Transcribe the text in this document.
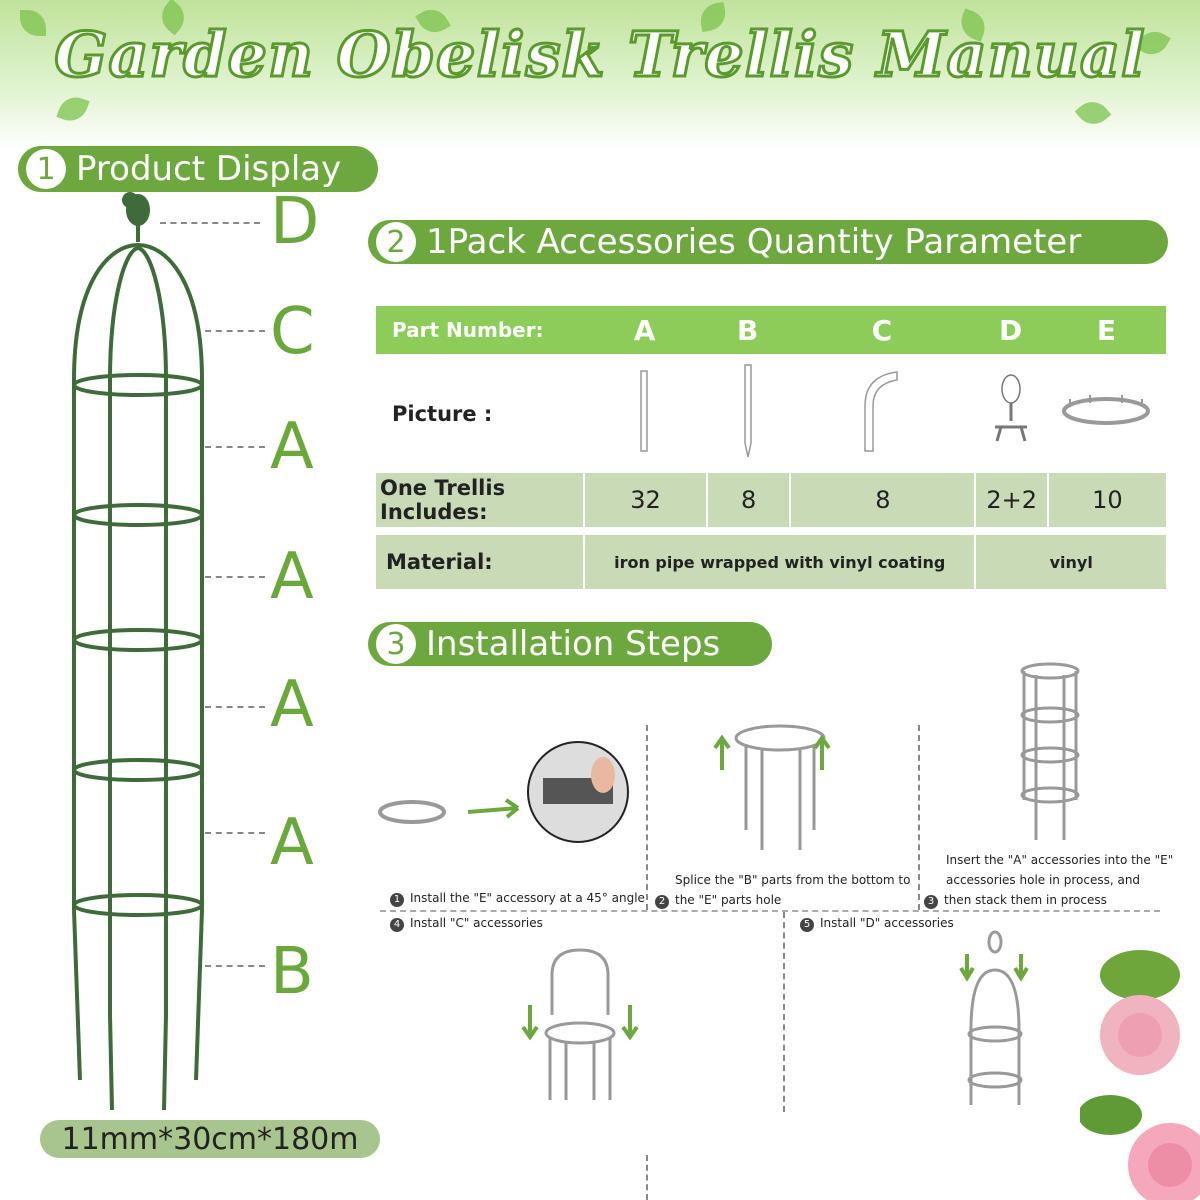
Garden Obelisk Trellis Manual
1 Product Display
D
C
A
A
A
A
B
11mm*30cm*180m
2 1Pack Accessories Quantity Parameter
Part Number:	A	B	C	D	E
Picture :					
One Trellis Includes:	32	8	8	2+2	10
Material:	iron pipe wrapped with vinyl coating			vinyl	
3 Installation Steps
1 Install the "E" accessory at a 45° angle
Splice the "B" parts from the bottom to
2 the "E" parts hole
Insert the "A" accessories into the "E"
accessories hole in process, and
3 then stack them in process
4 Install "C" accessories	5 Install "D" accessories
